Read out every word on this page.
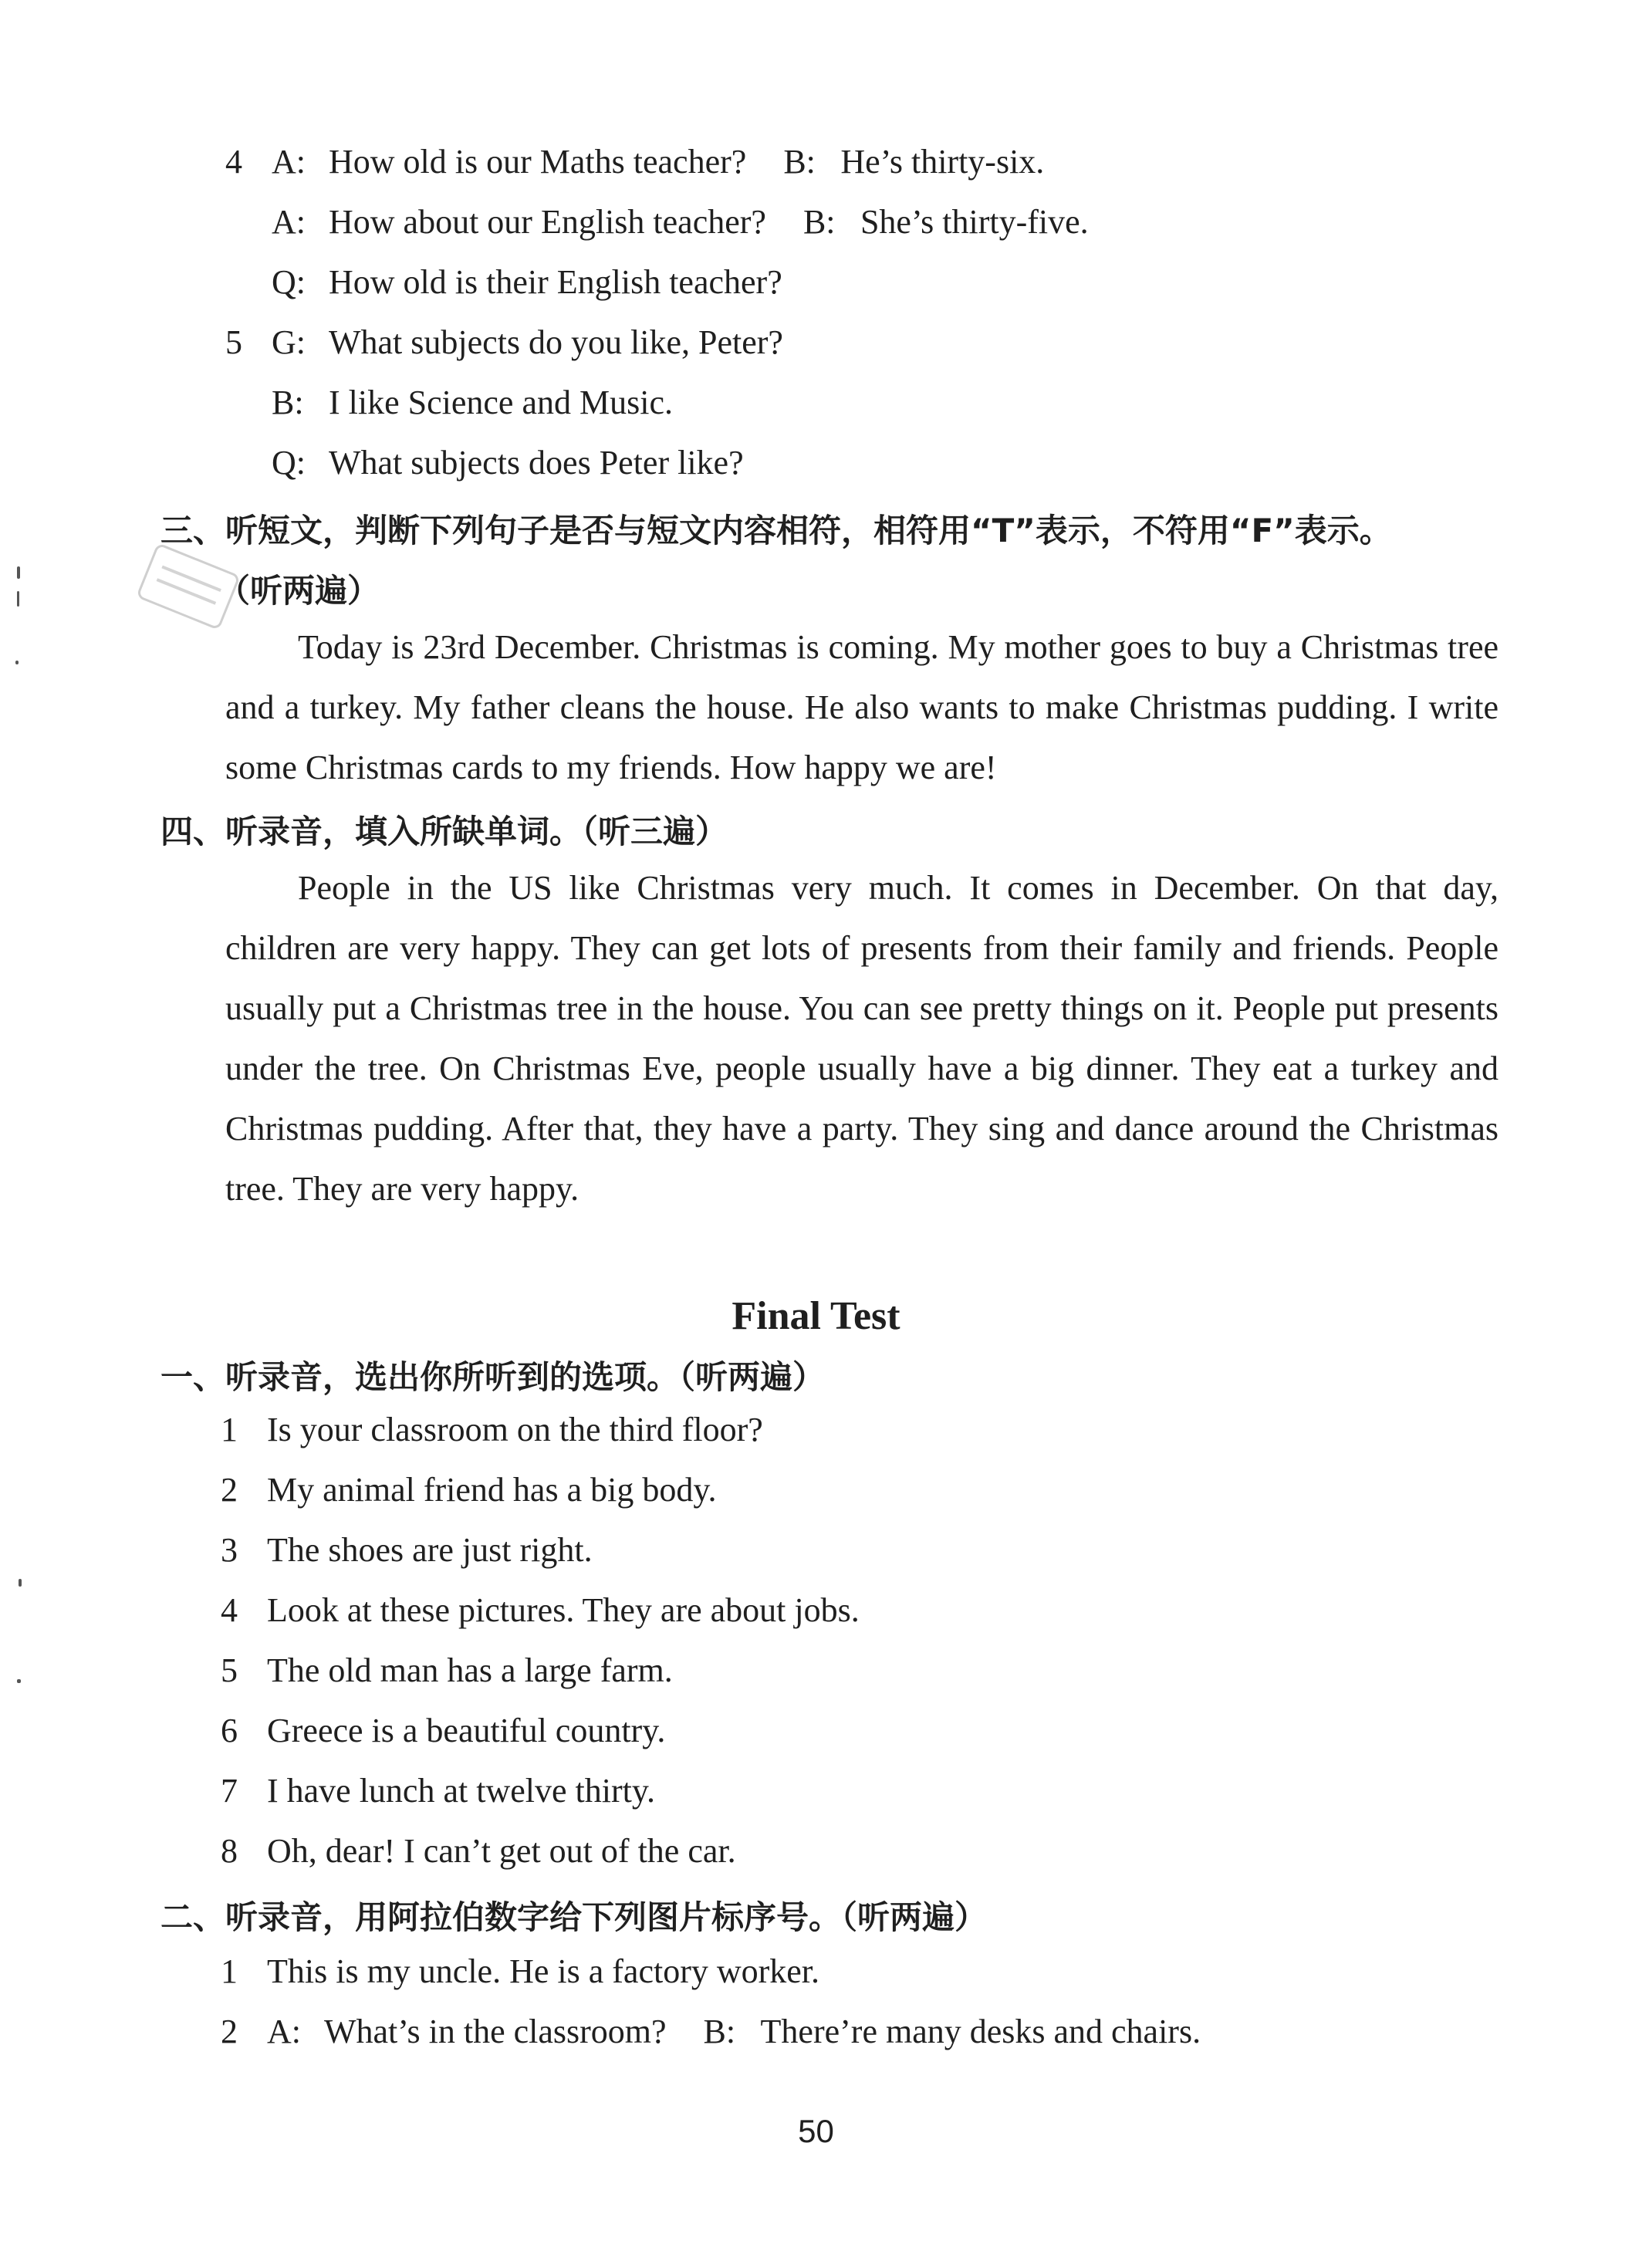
4 A: How old is our Maths teacher? B: He’s thirty-six.
A: How about our English teacher? B: She’s thirty-five.
Q: How old is their English teacher?
5 G: What subjects do you like, Peter?
B: I like Science and Music.
Q: What subjects does Peter like?
三、听短文，判断下列句子是否与短文内容相符，相符用“T”表示，不符用“F”表示。
（听两遍）
Today is 23rd December. Christmas is coming. My mother goes to buy a Christmas tree and a turkey. My father cleans the house. He also wants to make Christmas pudding. I write some Christmas cards to my friends. How happy we are!
四、听录音，填入所缺单词。（听三遍）
People in the US like Christmas very much. It comes in December. On that day, children are very happy. They can get lots of presents from their family and friends. People usually put a Christmas tree in the house. You can see pretty things on it. People put presents under the tree. On Christmas Eve, people usually have a big dinner. They eat a turkey and Christmas pudding. After that, they have a party. They sing and dance around the Christmas tree. They are very happy.
Final Test
一、听录音，选出你所听到的选项。（听两遍）
1 Is your classroom on the third floor?
2 My animal friend has a big body.
3 The shoes are just right.
4 Look at these pictures. They are about jobs.
5 The old man has a large farm.
6 Greece is a beautiful country.
7 I have lunch at twelve thirty.
8 Oh, dear! I can’t get out of the car.
二、听录音，用阿拉伯数字给下列图片标序号。（听两遍）
1 This is my uncle. He is a factory worker.
2 A: What’s in the classroom? B: There’re many desks and chairs.
50
